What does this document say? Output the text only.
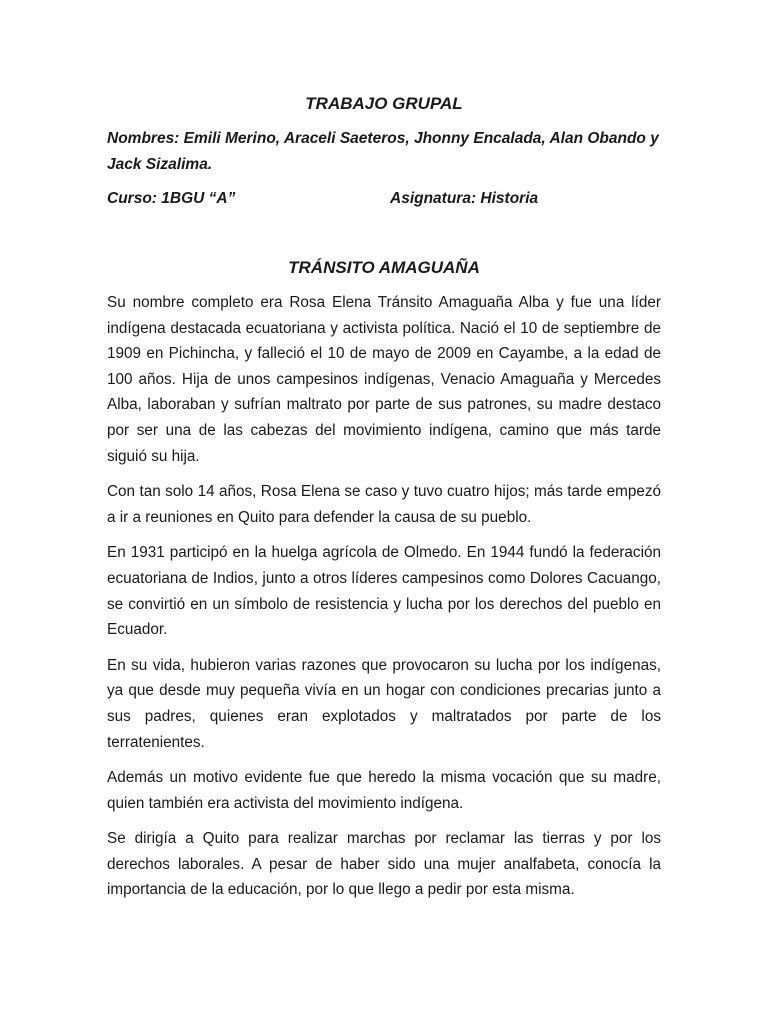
TRABAJO GRUPAL

Nombres: Emili Merino, Araceli Saeteros, Jhonny Encalada, Alan Obando y Jack Sizalima.

Curso: 1BGU “A”	Asignatura: Historia
TRÁNSITO AMAGUAÑA

Su nombre completo era Rosa Elena Tránsito Amaguaña Alba y fue una líder indígena destacada ecuatoriana y activista política. Nació el 10 de septiembre de 1909 en Pichincha, y falleció el 10 de mayo de 2009 en Cayambe, a la edad de 100 años. Hija de unos campesinos indígenas, Venacio Amaguaña y Mercedes Alba, laboraban y sufrían maltrato por parte de sus patrones, su madre destaco por ser una de las cabezas del movimiento indígena, camino que más tarde siguió su hija.

Con tan solo 14 años, Rosa Elena se caso y tuvo cuatro hijos; más tarde empezó a ir a reuniones en Quito para defender la causa de su pueblo.

En 1931 participó en la huelga agrícola de Olmedo. En 1944 fundó la federación ecuatoriana de Indios, junto a otros líderes campesinos como Dolores Cacuango, se convirtió en un símbolo de resistencia y lucha por los derechos del pueblo en Ecuador.

En su vida, hubieron varias razones que provocaron su lucha por los indígenas, ya que desde muy pequeña vivía en un hogar con condiciones precarias junto a sus padres, quienes eran explotados y maltratados por parte de los terratenientes.

Además un motivo evidente fue que heredo la misma vocación que su madre, quien también era activista del movimiento indígena.

Se dirigía a Quito para realizar marchas por reclamar las tierras y por los derechos laborales. A pesar de haber sido una mujer analfabeta, conocía la importancia de la educación, por lo que llego a pedir por esta misma.
